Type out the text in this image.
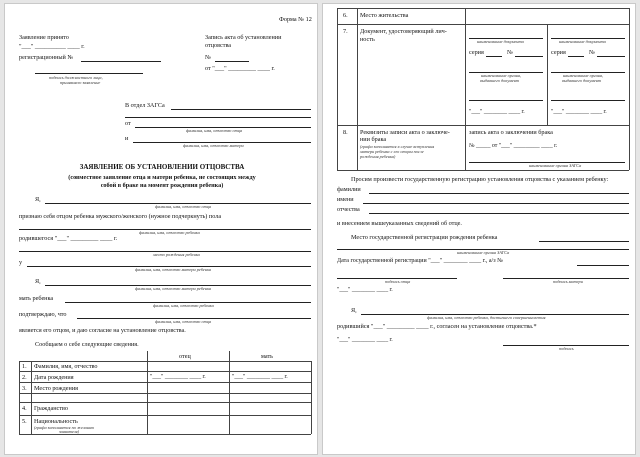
Форма № 12
Заявление принято
"___" __________ ____ г.
регистрационный №
подпись должностного лица,
принявшего заявление
Запись акта об установлении
отцовства
№
от "___" _________ ____ г.
В отдел ЗАГСа
от
фамилия, имя, отчество отца
и
фамилия, имя, отчество матери
ЗАЯВЛЕНИЕ ОБ УСТАНОВЛЕНИИ ОТЦОВСТВА
(совместное заявление отца и матери ребенка, не состоящих между
собой в браке на момент рождения ребенка)
Я,
фамилия, имя, отчество отца
признаю себя отцом ребенка мужского/женского (нужное подчеркнуть) пола
фамилия, имя, отчество ребенка
родившегося "___" _________ ____ г.
место рождения ребенка
у
фамилия, имя, отчество матери ребенка
Я,
фамилия, имя, отчество матери ребенка
мать ребенка
фамилия, имя, отчество ребенка
подтверждаю, что
фамилия, имя, отчество отца
является его отцом, и даю согласие на установление отцовства.
Сообщаем о себе следующие сведения.
отец	мать
1. Фамилия, имя, отчество
2. Дата рождения	"___" ________ ____ г.	"___" ________ ____ г.
3. Место рождения
4. Гражданство
5. Национальность
(графа заполняется по желанию
заявителя)
6. Место жительства
7. Документ, удостоверяющий лич-
ность	наименование документа
серия	№
наименование органа,
выдавшего документ
"___" ________ ____ г.
наименование документа
серия	№
наименование органа,
выдавшего документ
"___" ________ ____ г.
8. Реквизиты записи акта о заключе-
нии брака
(графа заполняется в случае вступления
матери ребенка с его отцом после
рождения ребенка)
запись акта о заключении брака
№ _____ от "___" _________ ____ г.
наименование органа ЗАГСа
Просим произвести государственную регистрацию установления отцовства с указанием ребенку:
фамилии
имени
отчества
и внесением вышеуказанных сведений об отце.
Место государственной регистрации рождения ребенка
наименование органа ЗАГСа
Дата государственной регистрации "___" ________ ____ г., а/з №
подпись отца	подпись матери
"___" ________ ____ г.
Я,
фамилия, имя, отчество ребенка, достигшего совершеннолетия
родившийся "___" _________ ____ г., согласен на установление отцовства.*
"___" ________ ____ г.
подпись
